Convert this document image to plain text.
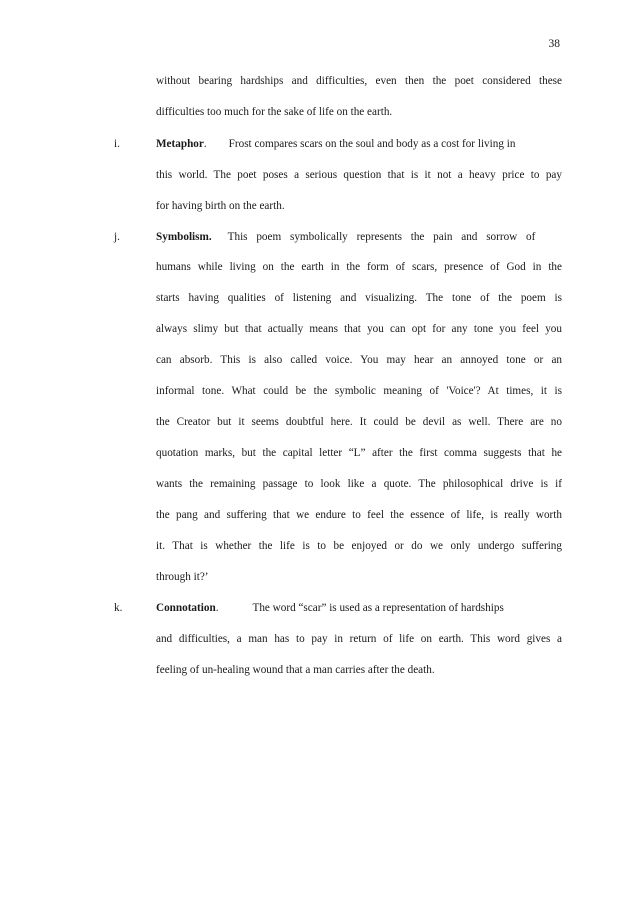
38
without bearing hardships and difficulties, even then the poet considered these
difficulties too much for the sake of life on the earth.
i.	Metaphor. Frost compares scars on the soul and body as a cost for living in
this world. The poet poses a serious question that is it not a heavy price to pay
for having birth on the earth.
j.	Symbolism. This poem symbolically represents the pain and sorrow of
humans while living on the earth in the form of scars, presence of God in the
starts having qualities of listening and visualizing. The tone of the poem is
always slimy but that actually means that you can opt for any tone you feel you
can absorb. This is also called voice. You may hear an annoyed tone or an
informal tone. What could be the symbolic meaning of 'Voice'? At times, it is
the Creator but it seems doubtful here. It could be devil as well. There are no
quotation marks, but the capital letter “L” after the first comma suggests that he
wants the remaining passage to look like a quote. The philosophical drive is if
the pang and suffering that we endure to feel the essence of life, is really worth
it. That is whether the life is to be enjoyed or do we only undergo suffering
through it?’
k.	Connotation.	The word “scar” is used as a representation of hardships
and difficulties, a man has to pay in return of life on earth. This word gives a
feeling of un-healing wound that a man carries after the death.
